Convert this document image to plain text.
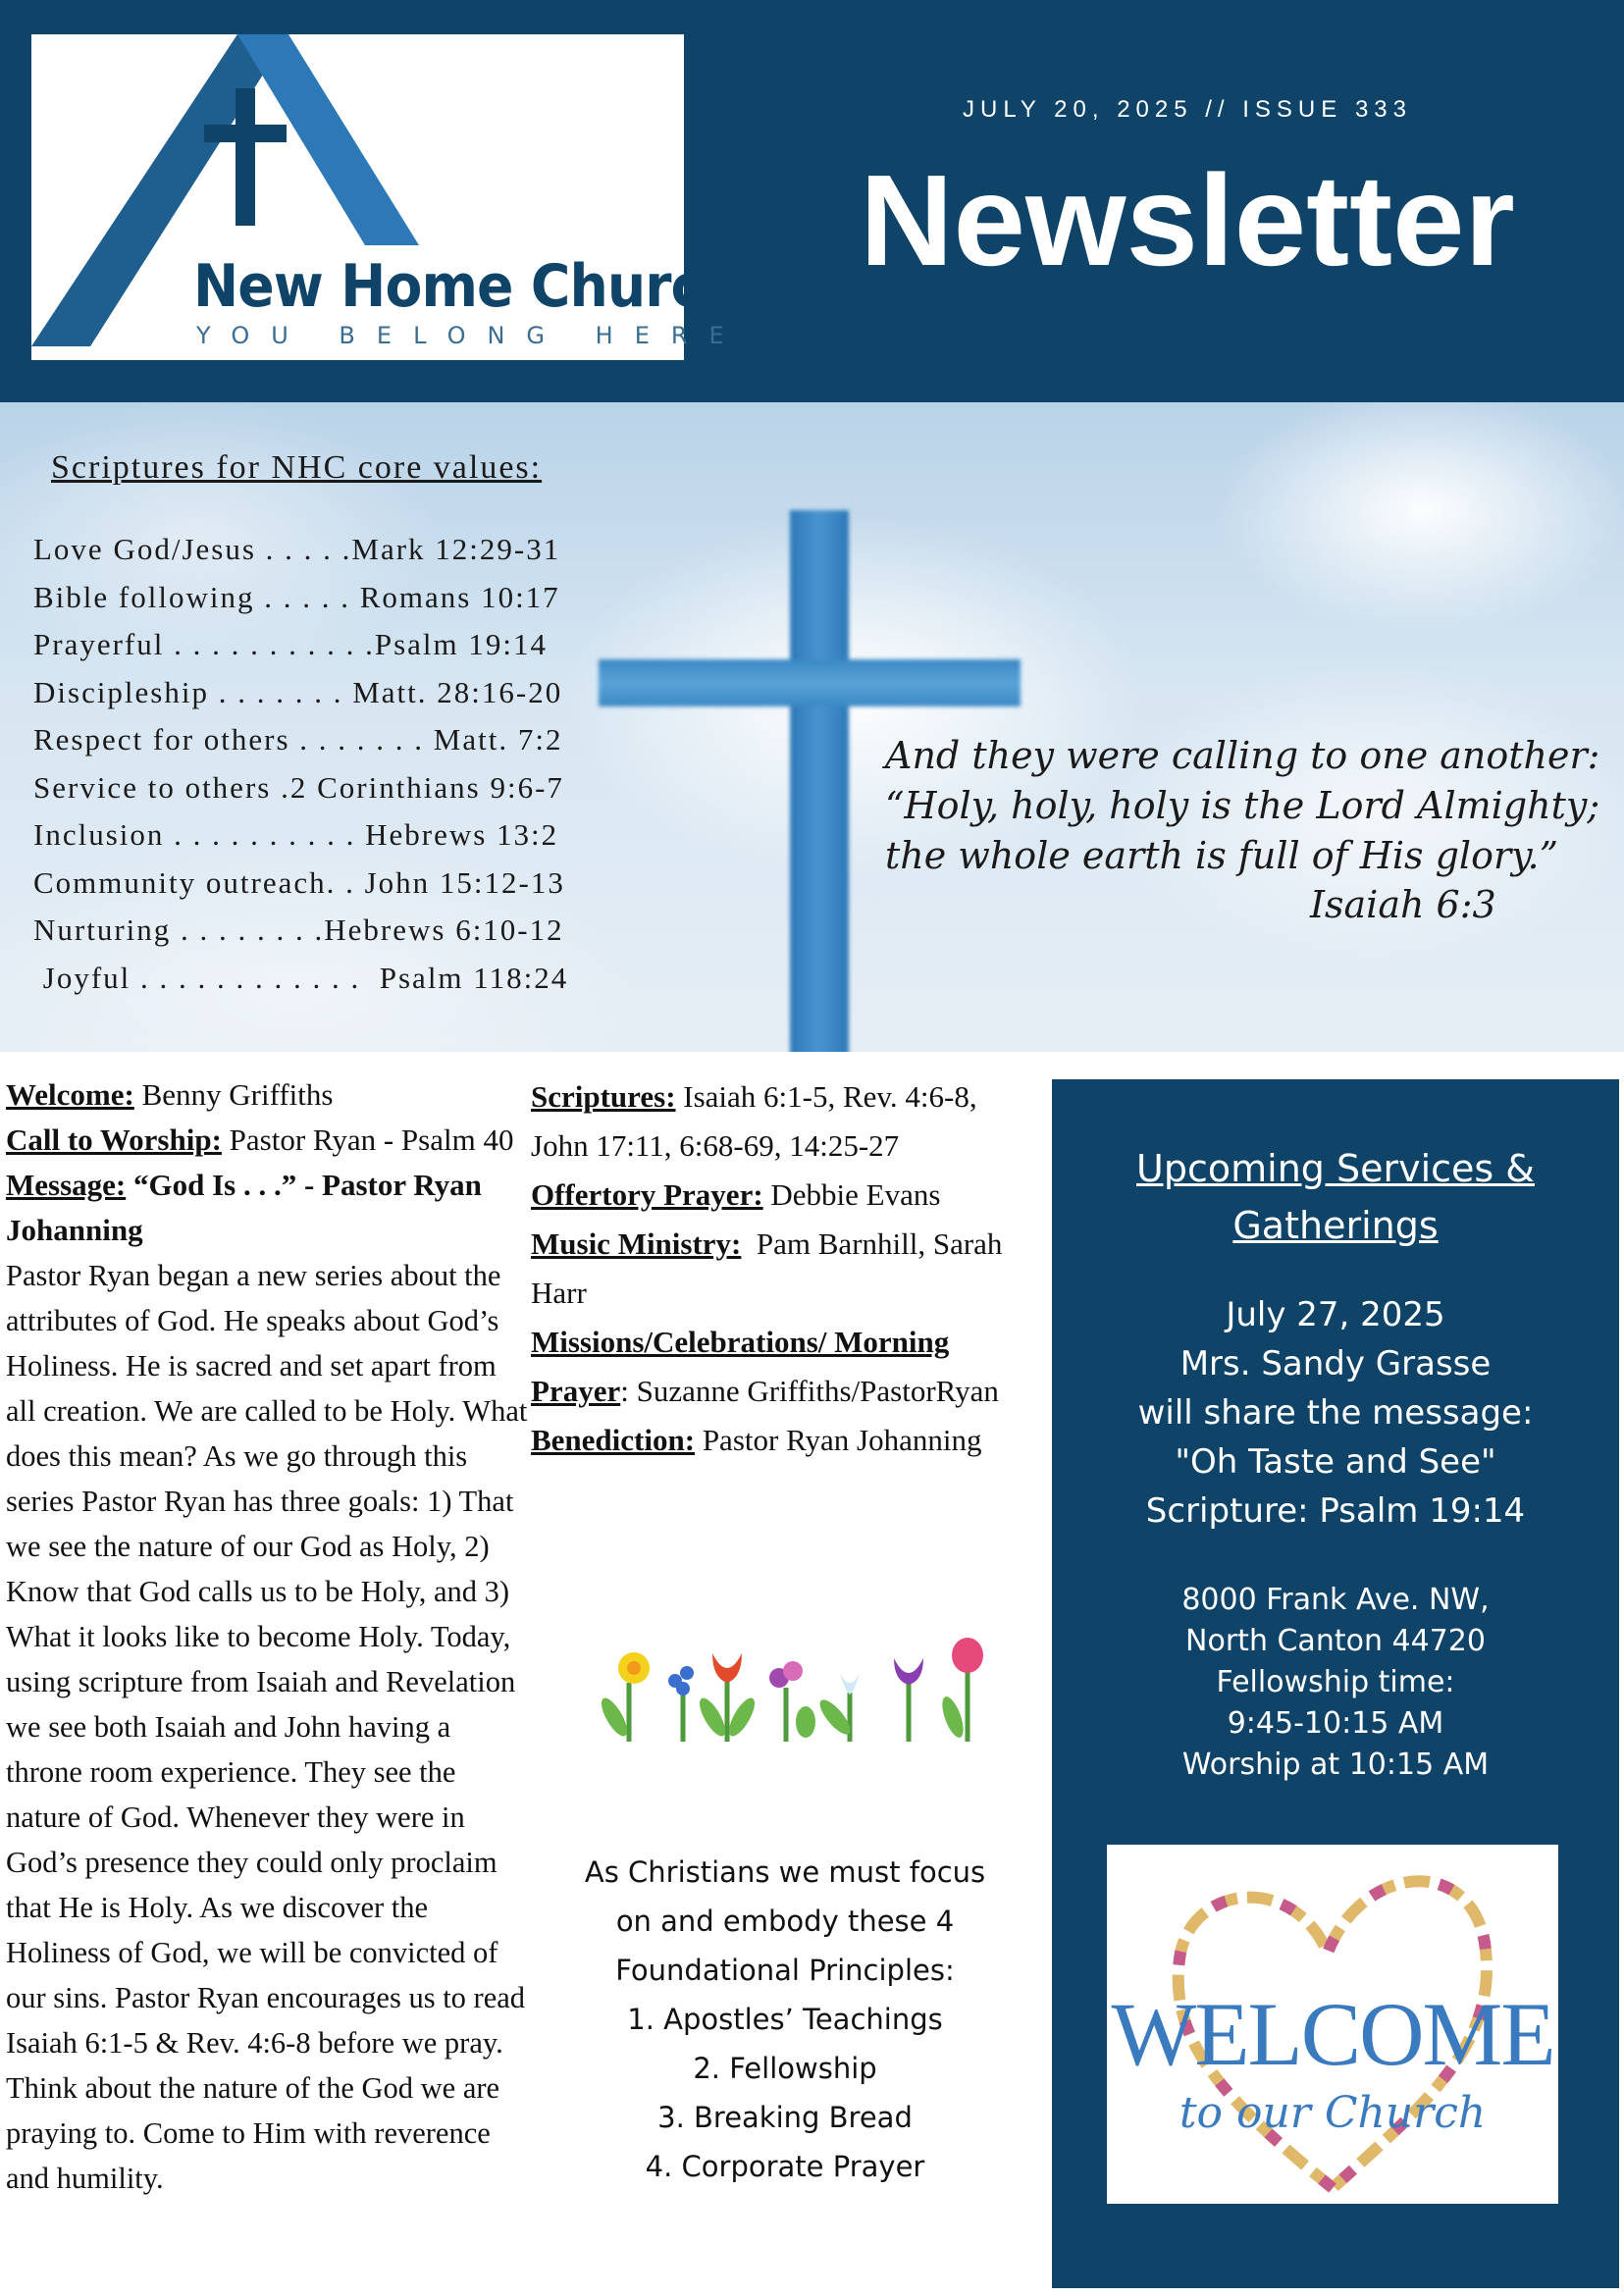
New Home Church
YOU BELONG HERE
JULY 20, 2025 // ISSUE 333
Newsletter
Scriptures for NHC core values:
Love God/Jesus . . . . .Mark 12:29-31
Bible following . . . . . Romans 10:17
Prayerful . . . . . . . . . . .Psalm 19:14
Discipleship . . . . . . . Matt. 28:16-20
Respect for others . . . . . . . Matt. 7:2
Service to others .2 Corinthians 9:6-7
Inclusion . . . . . . . . . . Hebrews 13:2
Community outreach. . John 15:12-13
Nurturing . . . . . . . .Hebrews 6:10-12
Joyful . . . . . . . . . . . .  Psalm 118:24
And they were calling to one another: “Holy, holy, holy is the Lord Almighty; the whole earth is full of His glory.”
Isaiah 6:3

Welcome: Benny Griffiths

Call to Worship: Pastor Ryan - Psalm 40

Message: “God Is . . .” - Pastor Ryan Johanning

Pastor Ryan began a new series about the attributes of God. He speaks about God’s Holiness. He is sacred and set apart from all creation. We are called to be Holy. What does this mean? As we go through this series Pastor Ryan has three goals: 1) That we see the nature of our God as Holy, 2) Know that God calls us to be Holy, and 3) What it looks like to become Holy. Today, using scripture from Isaiah and Revelation we see both Isaiah and John having a throne room experience. They see the nature of God. Whenever they were in God’s presence they could only proclaim that He is Holy. As we discover the Holiness of God, we will be convicted of our sins. Pastor Ryan encourages us to read Isaiah 6:1-5 & Rev. 4:6-8 before we pray. Think about the nature of the God we are praying to. Come to Him with reverence and humility.

Scriptures: Isaiah 6:1-5, Rev. 4:6-8, John 17:11, 6:68-69, 14:25-27

Offertory Prayer: Debbie Evans

Music Ministry:  Pam Barnhill, Sarah Harr

Missions/Celebrations/ Morning Prayer: Suzanne Griffiths/PastorRyan

Benediction: Pastor Ryan Johanning

As Christians we must focus

on and embody these 4

Foundational Principles:

1. Apostles’ Teachings

2. Fellowship

3. Breaking Bread

4. Corporate Prayer

Upcoming Services &

Gatherings

July 27, 2025

Mrs. Sandy Grasse

will share the message:

"Oh Taste and See"

Scripture: Psalm 19:14

8000 Frank Ave. NW,

North Canton 44720

Fellowship time:

9:45-10:15 AM

Worship at 10:15 AM

WELCOME
to our Church
